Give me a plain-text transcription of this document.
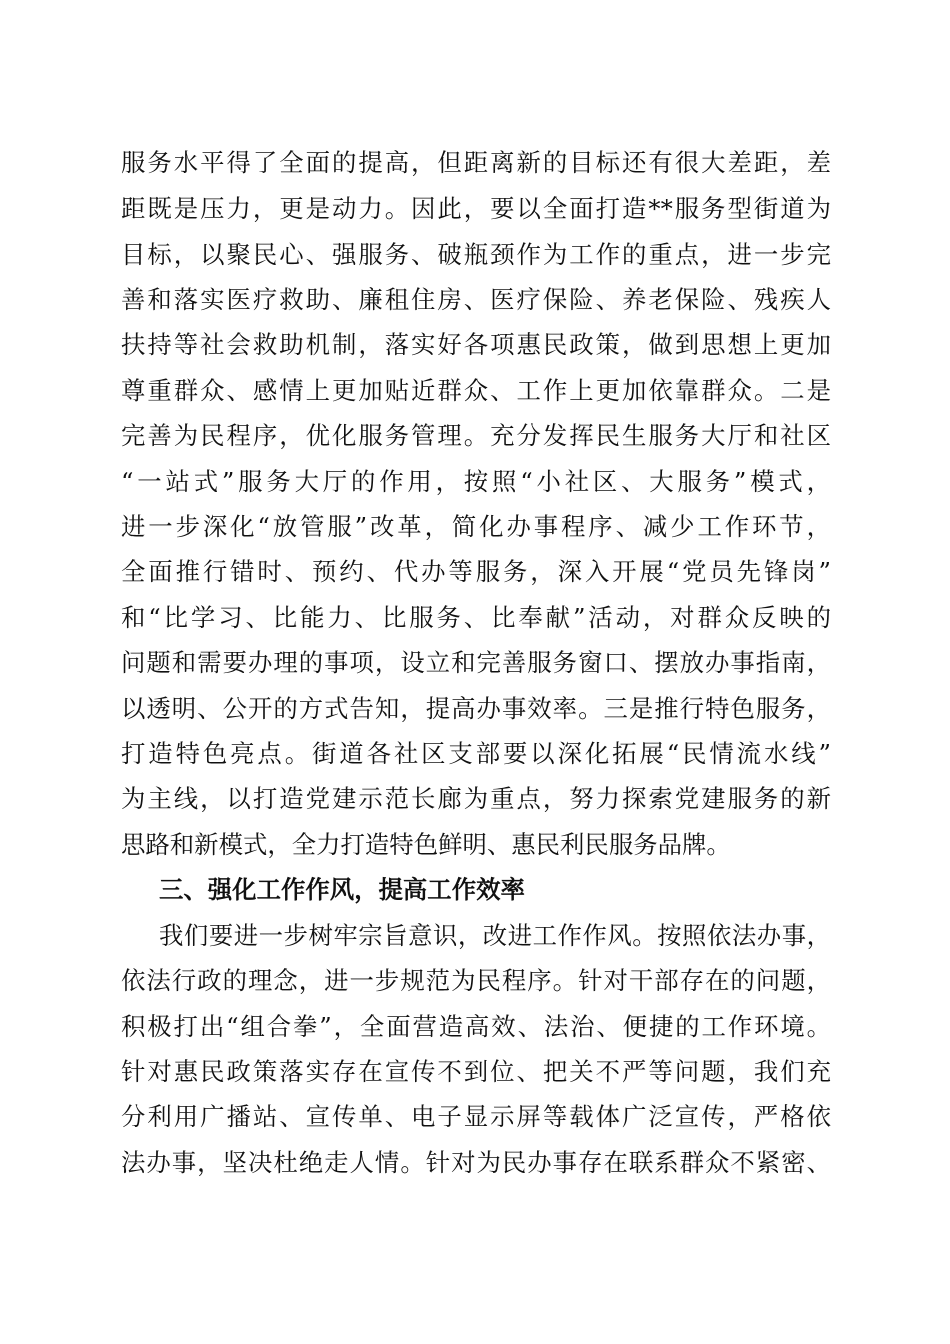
服务水平得了全面的提高，但距离新的目标还有很大差距，差
距既是压力，更是动力。因此，要以全面打造**服务型街道为
目标，以聚民心、强服务、破瓶颈作为工作的重点，进一步完
善和落实医疗救助、廉租住房、医疗保险、养老保险、残疾人
扶持等社会救助机制，落实好各项惠民政策，做到思想上更加
尊重群众、感情上更加贴近群众、工作上更加依靠群众。二是
完善为民程序，优化服务管理。充分发挥民生服务大厅和社区
“一站式”服务大厅的作用，按照“小社区、大服务”模式，
进一步深化“放管服”改革，简化办事程序、减少工作环节，
全面推行错时、预约、代办等服务，深入开展“党员先锋岗”
和“比学习、比能力、比服务、比奉献”活动，对群众反映的
问题和需要办理的事项，设立和完善服务窗口、摆放办事指南，
以透明、公开的方式告知，提高办事效率。三是推行特色服务，
打造特色亮点。街道各社区支部要以深化拓展“民情流水线”
为主线，以打造党建示范长廊为重点，努力探索党建服务的新
思路和新模式，全力打造特色鲜明、惠民利民服务品牌。
三、强化工作作风，提高工作效率
我们要进一步树牢宗旨意识，改进工作作风。按照依法办事，
依法行政的理念，进一步规范为民程序。针对干部存在的问题，
积极打出“组合拳”，全面营造高效、法治、便捷的工作环境。
针对惠民政策落实存在宣传不到位、把关不严等问题，我们充
分利用广播站、宣传单、电子显示屏等载体广泛宣传，严格依
法办事，坚决杜绝走人情。针对为民办事存在联系群众不紧密、
